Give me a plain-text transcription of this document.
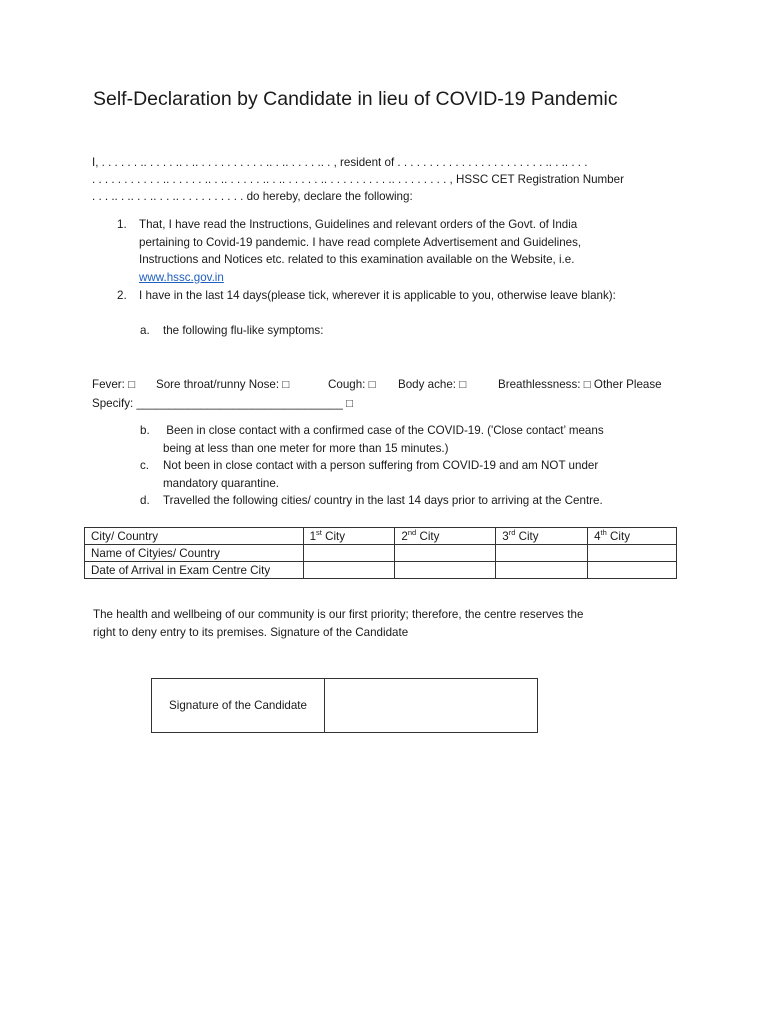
Self-Declaration by Candidate in lieu of COVID-19 Pandemic
I, . . . . . . .. . . . . .. . .. . . . . . . . . . . .. . .. . . . . .. . , resident of . . . . . . . . . . . . . . . . . . . . . . . .. . .. . . .
. . . . . . . . . . . .. . . . . . .. . .. . . . . . .. . .. . . . . . .. . . . . . . . . . .. . . . . . . . . , HSSC CET Registration Number
. . . .. . .. . . .. . . .. . . . . . . . . . . do hereby, declare the following:
1. That, I have read the Instructions, Guidelines and relevant orders of the Govt. of India
pertaining to Covid-19 pandemic. I have read complete Advertisement and Guidelines,
Instructions and Notices etc. related to this examination available on the Website, i.e.
www.hssc.gov.in
2. I have in the last 14 days(please tick, wherever it is applicable to you, otherwise leave blank):
a. the following flu-like symptoms:
Fever: □ Sore throat/runny Nose: □	Cough: □ Body ache: □	Breathlessness: □ Other Please
Specify: ________________________________ □
b. Been in close contact with a confirmed case of the COVID-19. ('Close contact’ means
being at less than one meter for more than 15 minutes.)
c. Not been in close contact with a person suffering from COVID-19 and am NOT under
mandatory quarantine.
d. Travelled the following cities/ country in the last 14 days prior to arriving at the Centre.
City/ Country	1st City	2nd City	3rd City	4th City
Name of Cityies/ Country				
Date of Arrival in Exam Centre City				
The health and wellbeing of our community is our first priority; therefore, the centre reserves the
right to deny entry to its premises. Signature of the Candidate
Signature of the Candidate
